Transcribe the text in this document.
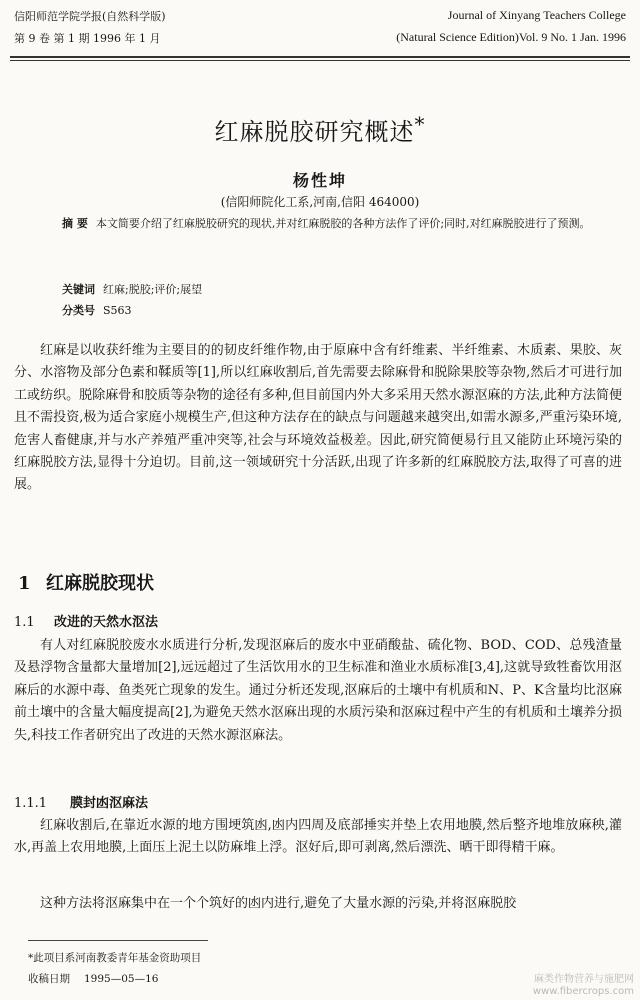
信阳师范学院学报(自然科学版)
第 9 卷 第 1 期 1996 年 1 月
Journal of Xinyang Teachers College
(Natural Science Edition)Vol. 9 No. 1 Jan. 1996
红麻脱胶研究概述*
杨性坤
(信阳师院化工系,河南,信阳 464000)
摘 要 本文简要介绍了红麻脱胶研究的现状,并对红麻脱胶的各种方法作了评价;同时,对红麻脱胶进行了预测。
关键词 红麻;脱胶;评价;展望
分类号 S563

红麻是以收获纤维为主要目的的韧皮纤维作物,由于原麻中含有纤维素、半纤维素、木质素、果胶、灰分、水溶物及部分色素和鞣质等[1],所以红麻收割后,首先需要去除麻骨和脱除果胶等杂物,然后才可进行加工或纺织。脱除麻骨和胶质等杂物的途径有多种,但目前国内外大多采用天然水源沤麻的方法,此种方法简便且不需投资,极为适合家庭小规模生产,但这种方法存在的缺点与问题越来越突出,如需水源多,严重污染环境,危害人畜健康,并与水产养殖严重冲突等,社会与环境效益极差。因此,研究简便易行且又能防止环境污染的红麻脱胶方法,显得十分迫切。目前,这一领域研究十分活跃,出现了许多新的红麻脱胶方法,取得了可喜的进展。

1 红麻脱胶现状
1.1 改进的天然水沤法

有人对红麻脱胶废水水质进行分析,发现沤麻后的废水中亚硝酸盐、硫化物、BOD、COD、总残渣量及悬浮物含量都大量增加[2],远远超过了生活饮用水的卫生标准和渔业水质标准[3,4],这就导致牲畜饮用沤麻后的水源中毒、鱼类死亡现象的发生。通过分析还发现,沤麻后的土壤中有机质和N、P、K含量均比沤麻前土壤中的含量大幅度提高[2],为避免天然水沤麻出现的水质污染和沤麻过程中产生的有机质和土壤养分损失,科技工作者研究出了改进的天然水源沤麻法。

1.1.1 膜封凼沤麻法

红麻收割后,在靠近水源的地方围埂筑凼,凼内四周及底部捶实并垫上农用地膜,然后整齐地堆放麻秧,灌水,再盖上农用地膜,上面压上泥土以防麻堆上浮。沤好后,即可剥离,然后漂洗、晒干即得精干麻。

这种方法将沤麻集中在一个个筑好的凼内进行,避免了大量水源的污染,并将沤麻脱胶

*此项目系河南教委青年基金资助项目
收稿日期 1995—05—16	麻类作物营养与施肥网
www.fibercrops.com
